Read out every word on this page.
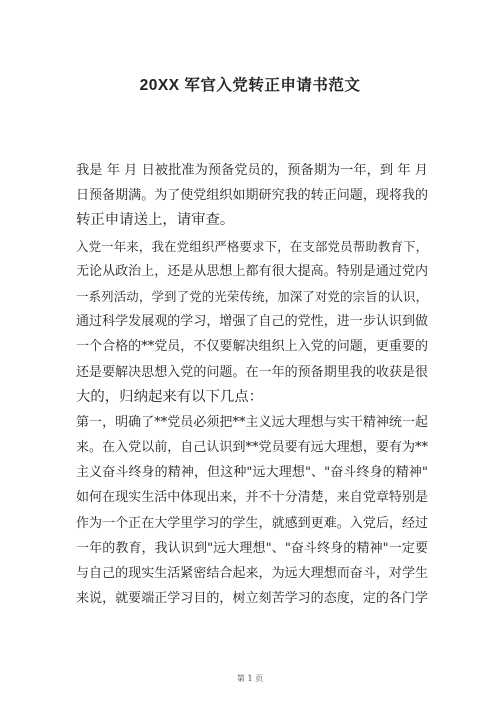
20XX 军官入党转正申请书范文
我是 年 月 日被批准为预备党员的，预备期为一年，到 年 月
日预备期满。为了使党组织如期研究我的转正问题，现将我的
转正申请送上，请审查。
入党一年来，我在党组织严格要求下，在支部党员帮助教育下，
无论从政治上，还是从思想上都有很大提高。特别是通过党内
一系列活动，学到了党的光荣传统，加深了对党的宗旨的认识，
通过科学发展观的学习，增强了自己的党性，进一步认识到做
一个合格的**党员，不仅要解决组织上入党的问题，更重要的
还是要解决思想入党的问题。在一年的预备期里我的收获是很
大的，归纳起来有以下几点：
第一，明确了**党员必须把**主义远大理想与实干精神统一起
来。在入党以前，自己认识到**党员要有远大理想，要有为**
主义奋斗终身的精神，但这种"远大理想"、"奋斗终身的精神"
如何在现实生活中体现出来，并不十分清楚，来自党章特别是
作为一个正在大学里学习的学生，就感到更难。入党后，经过
一年的教育，我认识到"远大理想"、"奋斗终身的精神"一定要
与自己的现实生活紧密结合起来，为远大理想而奋斗，对学生
来说，就要端正学习目的，树立刻苦学习的态度，定的各门学
第 1 页
